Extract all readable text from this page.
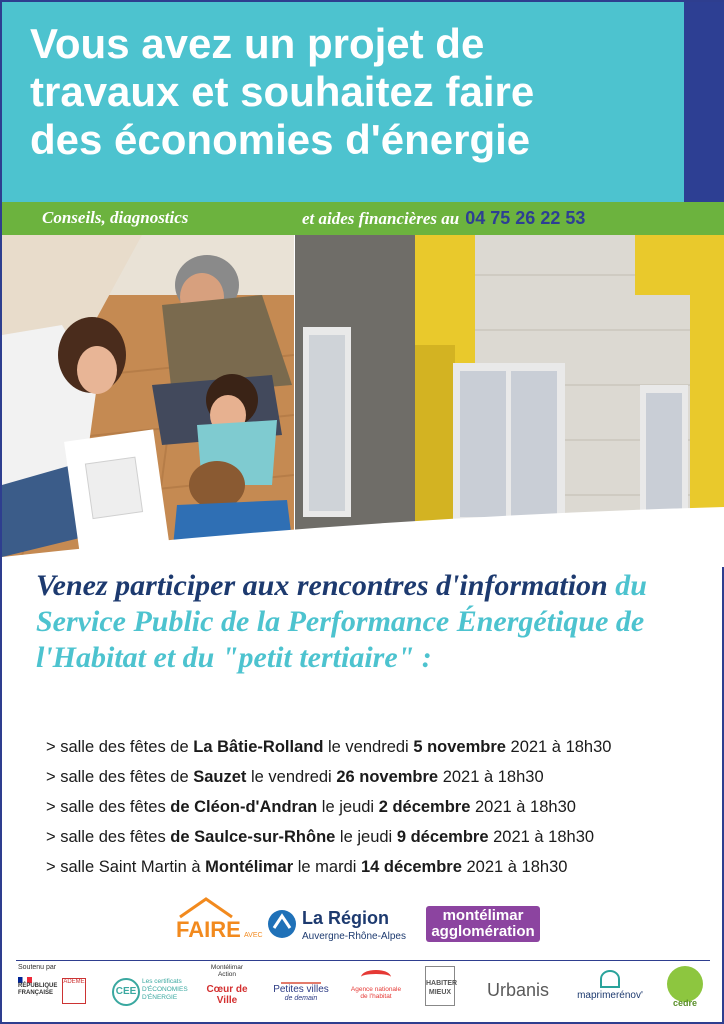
Vous avez un projet de
travaux et souhaitez faire
des économies d'énergie
Conseils, diagnostics	et aides financières au 04 75 26 22 53
Venez participer aux rencontres d'information du Service Public de la Performance Énergétique de l'Habitat et du "petit tertiaire" :
> salle des fêtes de La Bâtie-Rolland le vendredi 5 novembre 2021 à 18h30
> salle des fêtes de Sauzet le vendredi 26 novembre 2021 à 18h30
> salle des fêtes de Cléon-d'Andran le jeudi 2 décembre 2021 à 18h30
> salle des fêtes de Saulce-sur-Rhône le jeudi 9 décembre 2021 à 18h30
> salle Saint Martin à Montélimar le mardi 14 décembre 2021 à 18h30
FAIRE AVEC
La Région
Auvergne-Rhône-Alpes
montélimar
agglomération
Soutenu par
RÉPUBLIQUE FRANÇAISE
ADEME
CEE
Les certificats D'ÉCONOMIES D'ÉNERGIE
Montélimar Action
Cœur de Ville
Petites villes
de demain
Agence nationale de l'habitat
HABITER MIEUX	Urbanis	maprimerénov'
cedre
